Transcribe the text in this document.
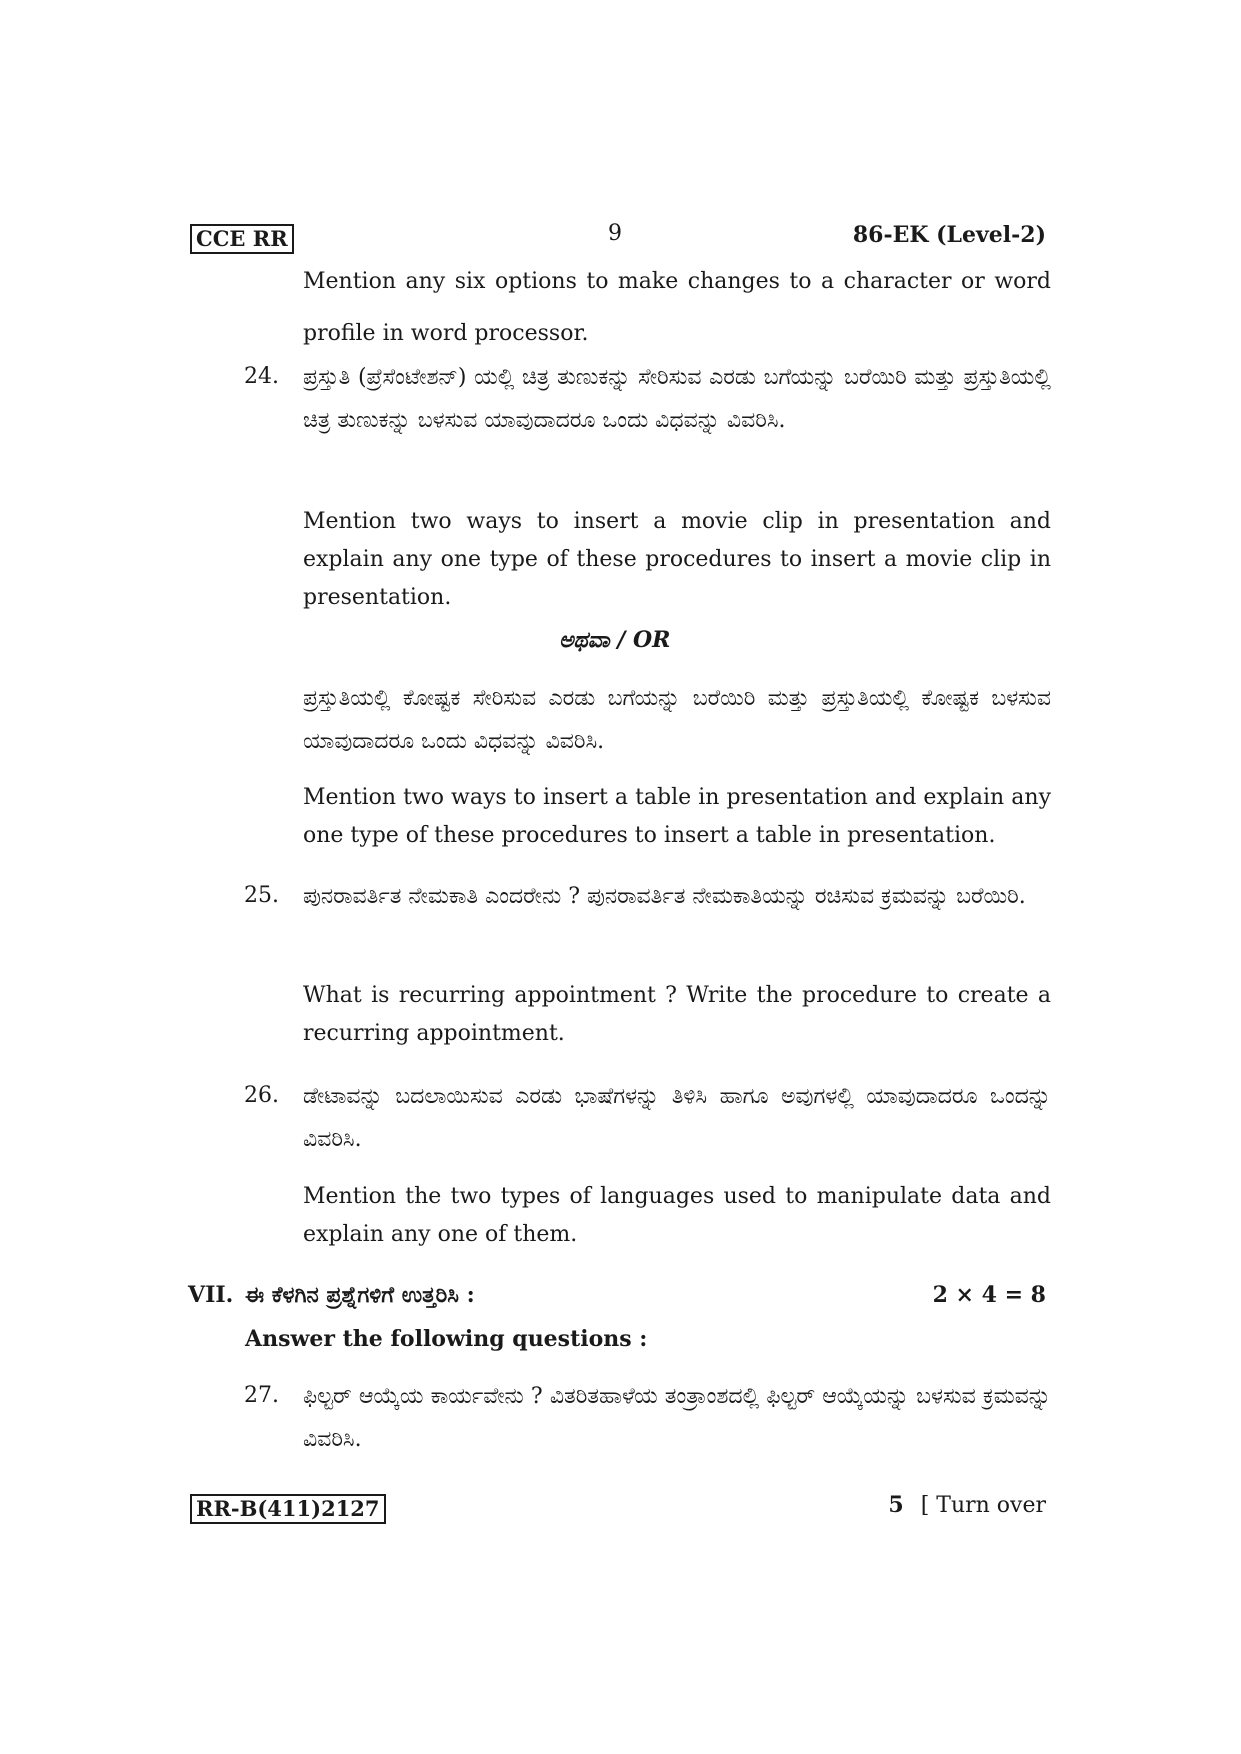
CCE RR	9	86-EK (Level-2)
Mention any six options to make changes to a character or word profile in word processor.
24. ಪ್ರಸ್ತುತಿ (ಪ್ರೆಸೆಂಟೇಶನ್) ಯಲ್ಲಿ ಚಿತ್ರ ತುಣುಕನ್ನು ಸೇರಿಸುವ ಎರಡು ಬಗೆಯನ್ನು ಬರೆಯಿರಿ ಮತ್ತು ಪ್ರಸ್ತುತಿಯಲ್ಲಿ ಚಿತ್ರ ತುಣುಕನ್ನು ಬಳಸುವ ಯಾವುದಾದರೂ ಒಂದು ವಿಧವನ್ನು ವಿವರಿಸಿ.
Mention two ways to insert a movie clip in presentation and explain any one type of these procedures to insert a movie clip in presentation.
ಅಥವಾ / OR
ಪ್ರಸ್ತುತಿಯಲ್ಲಿ ಕೋಷ್ಟಕ ಸೇರಿಸುವ ಎರಡು ಬಗೆಯನ್ನು ಬರೆಯಿರಿ ಮತ್ತು ಪ್ರಸ್ತುತಿಯಲ್ಲಿ ಕೋಷ್ಟಕ ಬಳಸುವ ಯಾವುದಾದರೂ ಒಂದು ವಿಧವನ್ನು ವಿವರಿಸಿ.
Mention two ways to insert a table in presentation and explain any one type of these procedures to insert a table in presentation.
25. ಪುನರಾವರ್ತಿತ ನೇಮಕಾತಿ ಎಂದರೇನು ? ಪುನರಾವರ್ತಿತ ನೇಮಕಾತಿಯನ್ನು ರಚಿಸುವ ಕ್ರಮವನ್ನು ಬರೆಯಿರಿ.
What is recurring appointment ? Write the procedure to create a recurring appointment.
26. ಡೇಟಾವನ್ನು ಬದಲಾಯಿಸುವ ಎರಡು ಭಾಷೆಗಳನ್ನು ತಿಳಿಸಿ ಹಾಗೂ ಅವುಗಳಲ್ಲಿ ಯಾವುದಾದರೂ ಒಂದನ್ನು ವಿವರಿಸಿ.
Mention the two types of languages used to manipulate data and explain any one of them.
VII. ಈ ಕೆಳಗಿನ ಪ್ರಶ್ನೆಗಳಿಗೆ ಉತ್ತರಿಸಿ :	2 × 4 = 8
Answer the following questions :
27. ಫಿಲ್ಟರ್ ಆಯ್ಕೆಯ ಕಾರ್ಯವೇನು ? ವಿತರಿತಹಾಳೆಯ ತಂತ್ರಾಂಶದಲ್ಲಿ ಫಿಲ್ಟರ್ ಆಯ್ಕೆಯನ್ನು ಬಳಸುವ ಕ್ರಮವನ್ನು ವಿವರಿಸಿ.
RR-B(411)2127	5 [ Turn over
